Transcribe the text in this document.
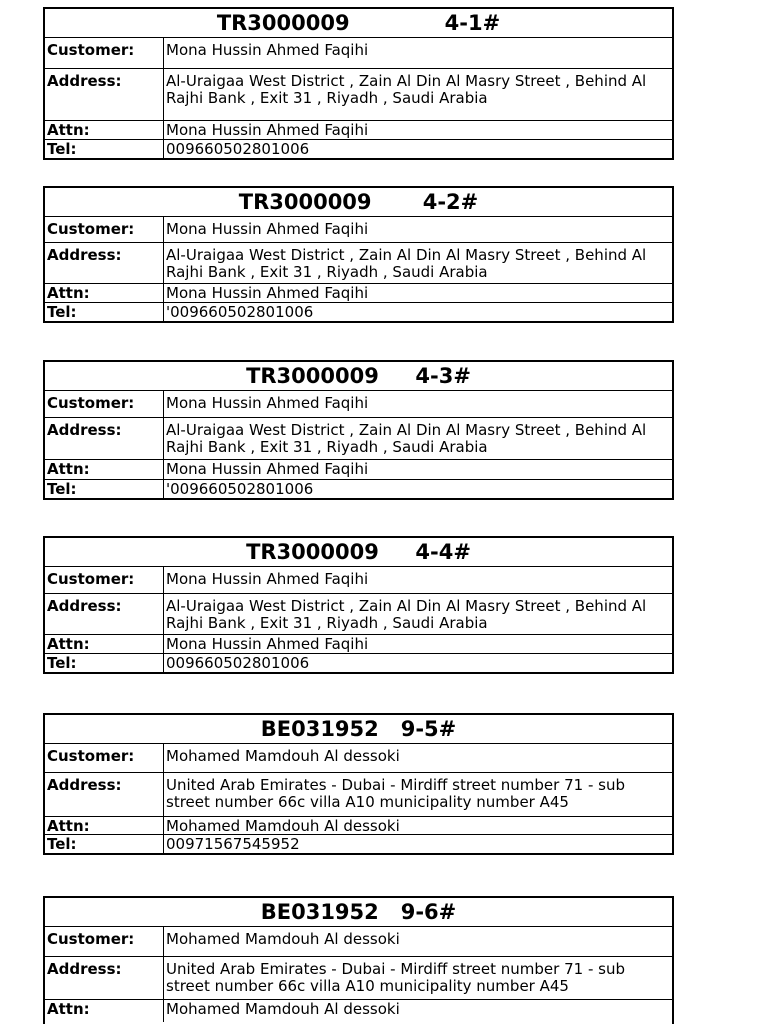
TR3000009             4-1#
Customer:	Mona Hussin Ahmed Faqihi
Address:	Al-Uraigaa West District , Zain Al Din Al Masry Street , Behind Al
Rajhi Bank , Exit 31 , Riyadh , Saudi Arabia
Attn:	Mona Hussin Ahmed Faqihi
Tel:	009660502801006
TR3000009       4-2#
Customer:	Mona Hussin Ahmed Faqihi
Address:	Al-Uraigaa West District , Zain Al Din Al Masry Street , Behind Al
Rajhi Bank , Exit 31 , Riyadh , Saudi Arabia
Attn:	Mona Hussin Ahmed Faqihi
Tel:	'009660502801006
TR3000009     4-3#
Customer:	Mona Hussin Ahmed Faqihi
Address:	Al-Uraigaa West District , Zain Al Din Al Masry Street , Behind Al
Rajhi Bank , Exit 31 , Riyadh , Saudi Arabia
Attn:	Mona Hussin Ahmed Faqihi
Tel:	'009660502801006
TR3000009     4-4#
Customer:	Mona Hussin Ahmed Faqihi
Address:	Al-Uraigaa West District , Zain Al Din Al Masry Street , Behind Al
Rajhi Bank , Exit 31 , Riyadh , Saudi Arabia
Attn:	Mona Hussin Ahmed Faqihi
Tel:	009660502801006
BE031952   9-5#
Customer:	Mohamed Mamdouh Al dessoki
Address:	United Arab Emirates - Dubai - Mirdiff street number 71 - sub
street number 66c villa A10 municipality number A45
Attn:	Mohamed Mamdouh Al dessoki
Tel:	00971567545952
BE031952   9-6#
Customer:	Mohamed Mamdouh Al dessoki
Address:	United Arab Emirates - Dubai - Mirdiff street number 71 - sub
street number 66c villa A10 municipality number A45
Attn:	Mohamed Mamdouh Al dessoki
